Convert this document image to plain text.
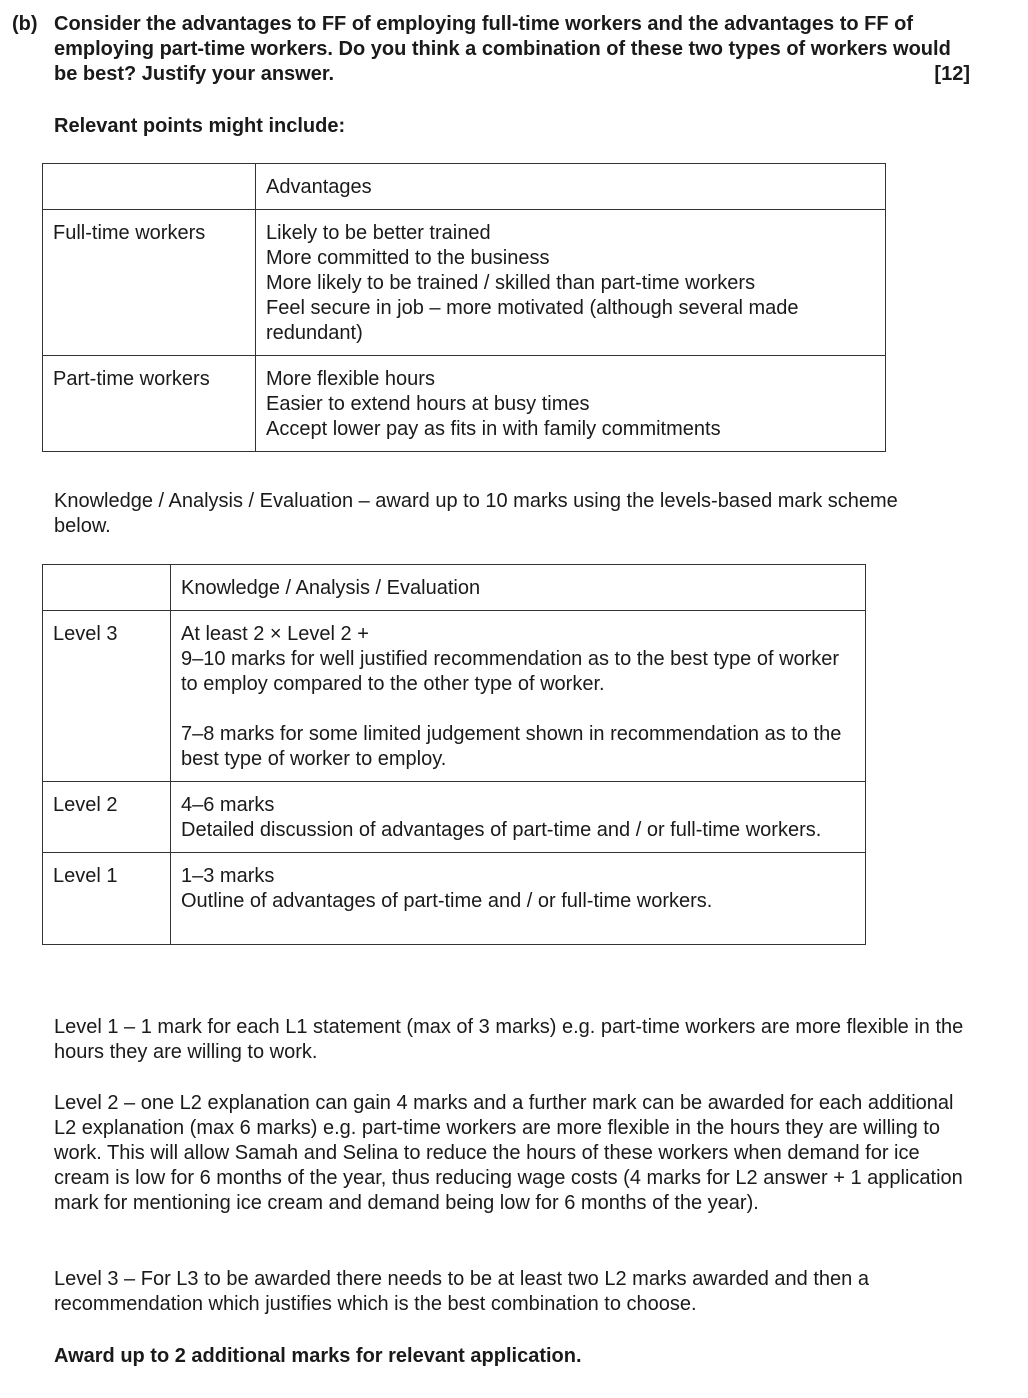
(b) Consider the advantages to FF of employing full-time workers and the advantages to FF of employing part-time workers. Do you think a combination of these two types of workers would be best? Justify your answer.	[12]

Relevant points might include:

	Advantages
Full-time workers	Likely to be better trained
More committed to the business
More likely to be trained / skilled than part-time workers
Feel secure in job – more motivated (although several made redundant)

Part-time workers	More flexible hours
Easier to extend hours at busy times
Accept lower pay as fits in with family commitments

Knowledge / Analysis / Evaluation – award up to 10 marks using the levels-based mark scheme below.

	Knowledge / Analysis / Evaluation
Level 3	At least 2 × Level 2 +
9–10 marks for well justified recommendation as to the best type of worker to employ compared to the other type of worker.
7–8 marks for some limited judgement shown in recommendation as to the best type of worker to employ.

Level 2	4–6 marks
Detailed discussion of advantages of part-time and / or full-time workers.

Level 1	1–3 marks
Outline of advantages of part-time and / or full-time workers.

Level 1 – 1 mark for each L1 statement (max of 3 marks) e.g. part-time workers are more flexible in the hours they are willing to work.

Level 2 – one L2 explanation can gain 4 marks and a further mark can be awarded for each additional L2 explanation (max 6 marks) e.g. part-time workers are more flexible in the hours they are willing to work. This will allow Samah and Selina to reduce the hours of these workers when demand for ice cream is low for 6 months of the year, thus reducing wage costs (4 marks for L2 answer + 1 application mark for mentioning ice cream and demand being low for 6 months of the year).

Level 3 – For L3 to be awarded there needs to be at least two L2 marks awarded and then a recommendation which justifies which is the best combination to choose.

Award up to 2 additional marks for relevant application.
